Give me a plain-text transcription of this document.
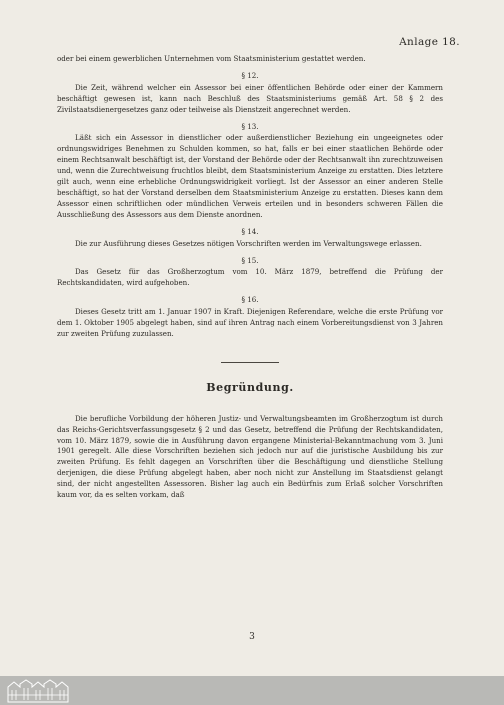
Anlage 18.

oder bei einem gewerblichen Unternehmen vom Staatsministerium gestattet werden.

§ 12.

Die Zeit, während welcher ein Assessor bei einer öffentlichen Behörde oder einer der Kammern beschäftigt gewesen ist, kann nach Beschluß des Staatsministeriums gemäß Art. 58 § 2 des Zivilstaatsdienergesetzes ganz oder teilweise als Dienstzeit angerechnet werden.

§ 13.

Läßt sich ein Assessor in dienstlicher oder außerdienstlicher Beziehung ein ungeeignetes oder ordnungswidriges Benehmen zu Schulden kommen, so hat, falls er bei einer staatlichen Behörde oder einem Rechtsanwalt beschäftigt ist, der Vorstand der Behörde oder der Rechtsanwalt ihn zurechtzuweisen und, wenn die Zurechtweisung fruchtlos bleibt, dem Staatsministerium Anzeige zu erstatten. Dies letztere gilt auch, wenn eine erhebliche Ordnungswidrigkeit vorliegt. Ist der Assessor an einer anderen Stelle beschäftigt, so hat der Vorstand derselben dem Staatsministerium Anzeige zu erstatten. Dieses kann dem Assessor einen schriftlichen oder mündlichen Verweis erteilen und in besonders schweren Fällen die Ausschließung des Assessors aus dem Dienste anordnen.

§ 14.

Die zur Ausführung dieses Gesetzes nötigen Vorschriften werden im Verwaltungswege erlassen.

§ 15.

Das Gesetz für das Großherzogtum vom 10. März 1879, betreffend die Prüfung der Rechtskandidaten, wird aufgehoben.

§ 16.

Dieses Gesetz tritt am 1. Januar 1907 in Kraft. Diejenigen Referendare, welche die erste Prüfung vor dem 1. Oktober 1905 abgelegt haben, sind auf ihren Antrag nach einem Vorbereitungsdienst von 3 Jahren zur zweiten Prüfung zuzulassen.

Begründung.

Die berufliche Vorbildung der höheren Justiz- und Verwaltungsbeamten im Großherzogtum ist durch das Reichs-Gerichtsverfassungsgesetz § 2 und das Gesetz, betreffend die Prüfung der Rechtskandidaten, vom 10. März 1879, sowie die in Ausführung davon ergangene Ministerial-Bekanntmachung vom 3. Juni 1901 geregelt. Alle diese Vorschriften beziehen sich jedoch nur auf die juristische Ausbildung bis zur zweiten Prüfung. Es fehlt dagegen an Vorschriften über die Beschäftigung und dienstliche Stellung derjenigen, die diese Prüfung abgelegt haben, aber noch nicht zur Anstellung im Staatsdienst gelangt sind, der nicht angestellten Assessoren. Bisher lag auch ein Bedürfnis zum Erlaß solcher Vorschriften kaum vor, da es selten vorkam, daß

3
